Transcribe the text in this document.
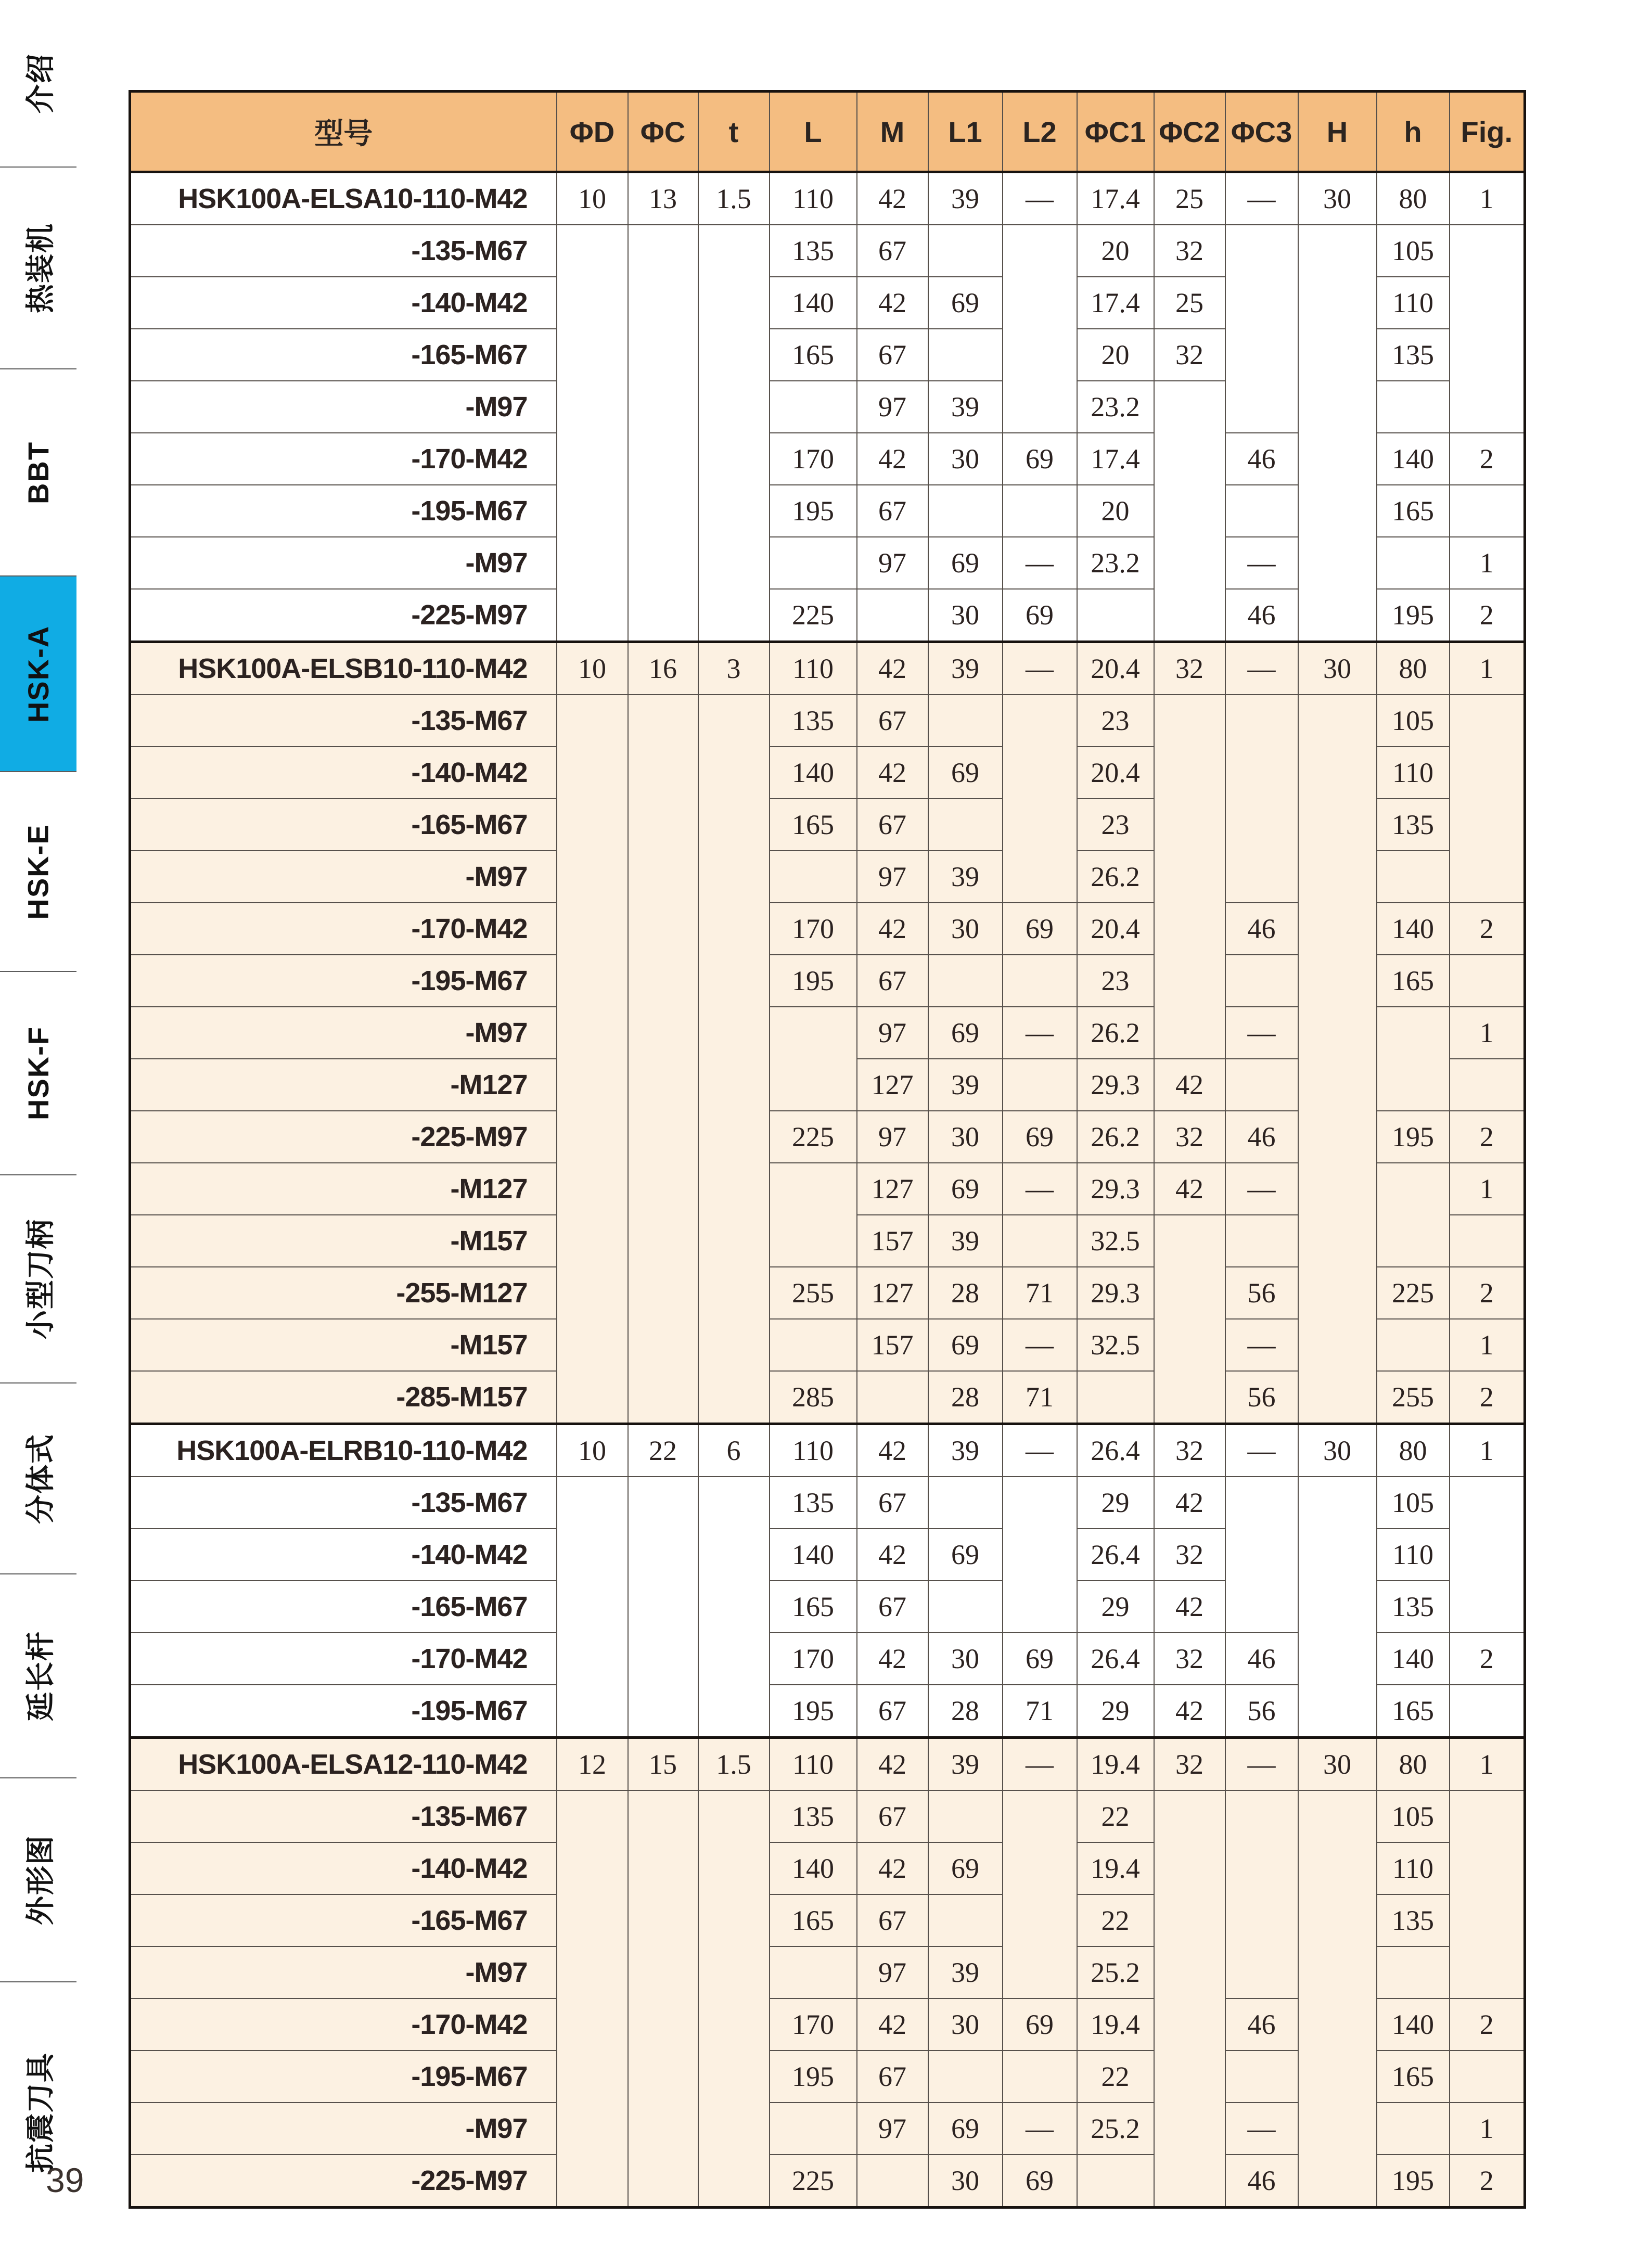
介绍
热装机
BBT
HSK-A
HSK-E
HSK-F
小型刀柄
分体式
延长杆
外形图
抗震刀具
型号	ΦD	ΦC	t	L	M	L1	L2	ΦC1	ΦC2	ΦC3	H	h	Fig.
HSK100A-ELSA10-110-M42	10	13	1.5	110	42	39	—	17.4	25	—	30	80	1
-135-M67				135	67			20	32			105	
-140-M42				140	42	69		17.4	25			110	
-165-M67				165	67			20	32			135	
-M97					97	39		23.2					
-170-M42				170	42	30	69	17.4		46		140	2
-195-M67				195	67			20				165	
-M97					97	69	—	23.2		—			1
-225-M97				225		30	69			46		195	2
HSK100A-ELSB10-110-M42	10	16	3	110	42	39	—	20.4	32	—	30	80	1
-135-M67				135	67			23				105	
-140-M42				140	42	69		20.4				110	
-165-M67				165	67			23				135	
-M97					97	39		26.2					
-170-M42				170	42	30	69	20.4		46		140	2
-195-M67				195	67			23				165	
-M97					97	69	—	26.2		—			1
-M127					127	39		29.3	42				
-225-M97				225	97	30	69	26.2	32	46		195	2
-M127					127	69	—	29.3	42	—			1
-M157					157	39		32.5					
-255-M127				255	127	28	71	29.3		56		225	2
-M157					157	69	—	32.5		—			1
-285-M157				285		28	71			56		255	2
HSK100A-ELRB10-110-M42	10	22	6	110	42	39	—	26.4	32	—	30	80	1
-135-M67				135	67			29	42			105	
-140-M42				140	42	69		26.4	32			110	
-165-M67				165	67			29	42			135	
-170-M42				170	42	30	69	26.4	32	46		140	2
-195-M67				195	67	28	71	29	42	56		165	
HSK100A-ELSA12-110-M42	12	15	1.5	110	42	39	—	19.4	32	—	30	80	1
-135-M67				135	67			22				105	
-140-M42				140	42	69		19.4				110	
-165-M67				165	67			22				135	
-M97					97	39		25.2					
-170-M42				170	42	30	69	19.4		46		140	2
-195-M67				195	67			22				165	
-M97					97	69	—	25.2		—			1
-225-M97				225		30	69			46		195	2
39
